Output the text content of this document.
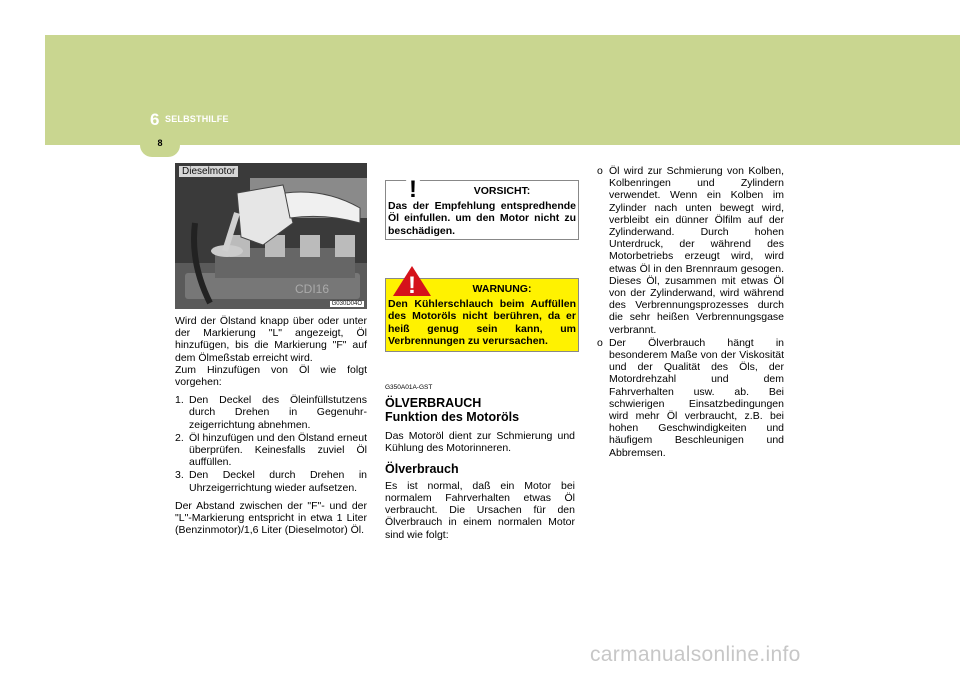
6 SELBSTHILFE
8
CDI16
Dieselmotor
G030D04O
Wird der Ölstand knapp über oder unter der Markierung "L" angezeigt, Öl hinzufügen, bis die Markierung "F" auf dem Ölmeßstab erreicht wird.

Zum Hinzufügen von Öl wie folgt vorgehen:

1. Den Deckel des Öleinfüllstutzens durch Drehen in Gegenuhr-zeigerrichtung abnehmen.
2. Öl hinzufügen und den Ölstand erneut überprüfen. Keinesfalls zuviel Öl auffüllen.
3. Den Deckel durch Drehen in Uhrzeigerrichtung wieder aufsetzen.

Der Abstand zwischen der "F"- und der "L"-Markierung entspricht in etwa 1 Liter (Benzinmotor)/1,6 Liter (Dieselmotor) Öl.

!	VORSICHT:
Das der Empfehlung entspredhende Öl einfullen. um den Motor nicht zu beschädigen.
!	WARNUNG:
Den Kühlerschlauch beim Auffüllen des Motoröls nicht berühren, da er heiß genug sein kann, um Verbrennungen zu verursachen.
G350A01A-GST
ÖLVERBRAUCH
Funktion des Motoröls

Das Motoröl dient zur Schmierung und Kühlung des Motorinneren.

Ölverbrauch

Es ist normal, daß ein Motor bei normalem Fahrverhalten etwas Öl verbraucht. Die Ursachen für den Ölverbrauch in einem normalen Motor sind wie folgt:

o Öl wird zur Schmierung von Kolben, Kolbenringen und Zylindern verwendet. Wenn ein Kolben im Zylinder nach unten bewegt wird, verbleibt ein dünner Ölfilm auf der Zylinderwand. Durch hohen Unterdruck, der während des Motorbetriebs erzeugt wird, wird etwas Öl in den Brennraum gesogen. Dieses Öl, zusammen mit etwas Öl von der Zylinderwand, wird während des Verbrennungsprozesses durch die sehr heißen Verbrennungsgase verbrannt.
o Der Ölverbrauch hängt in besonderem Maße von der Viskosität und der Qualität des Öls, der Motordrehzahl und dem Fahrverhalten usw. ab. Bei schwierigen Einsatzbedingungen wird mehr Öl verbraucht, z.B. bei hohen Geschwindigkeiten und häufigem Beschleunigen und Abbremsen.
carmanualsonline.info
